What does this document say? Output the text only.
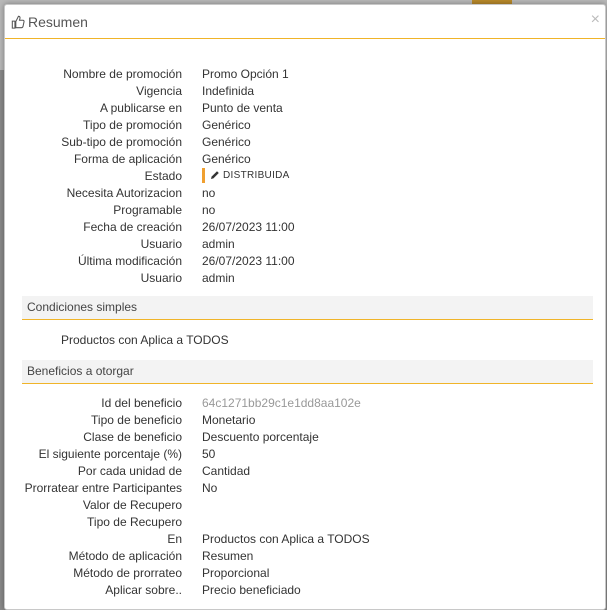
Resumen	×
Nombre de promoción	Promo Opción 1
Vigencia	Indefinida
A publicarse en	Punto de venta
Tipo de promoción	Genérico
Sub-tipo de promoción	Genérico
Forma de aplicación	Genérico
Estado	DISTRIBUIDA
Necesita Autorizacion	no
Programable	no
Fecha de creación	26/07/2023 11:00
Usuario	admin
Última modificación	26/07/2023 11:00
Usuario	admin
Condiciones simples
Productos con Aplica a TODOS
Beneficios a otorgar
Id del beneficio	64c1271bb29c1e1dd8aa102e
Tipo de beneficio	Monetario
Clase de beneficio	Descuento porcentaje
El siguiente porcentaje (%)	50
Por cada unidad de	Cantidad
Prorratear entre Participantes	No
Valor de Recupero
Tipo de Recupero
En	Productos con Aplica a TODOS
Método de aplicación	Resumen
Método de prorrateo	Proporcional
Aplicar sobre..	Precio beneficiado
